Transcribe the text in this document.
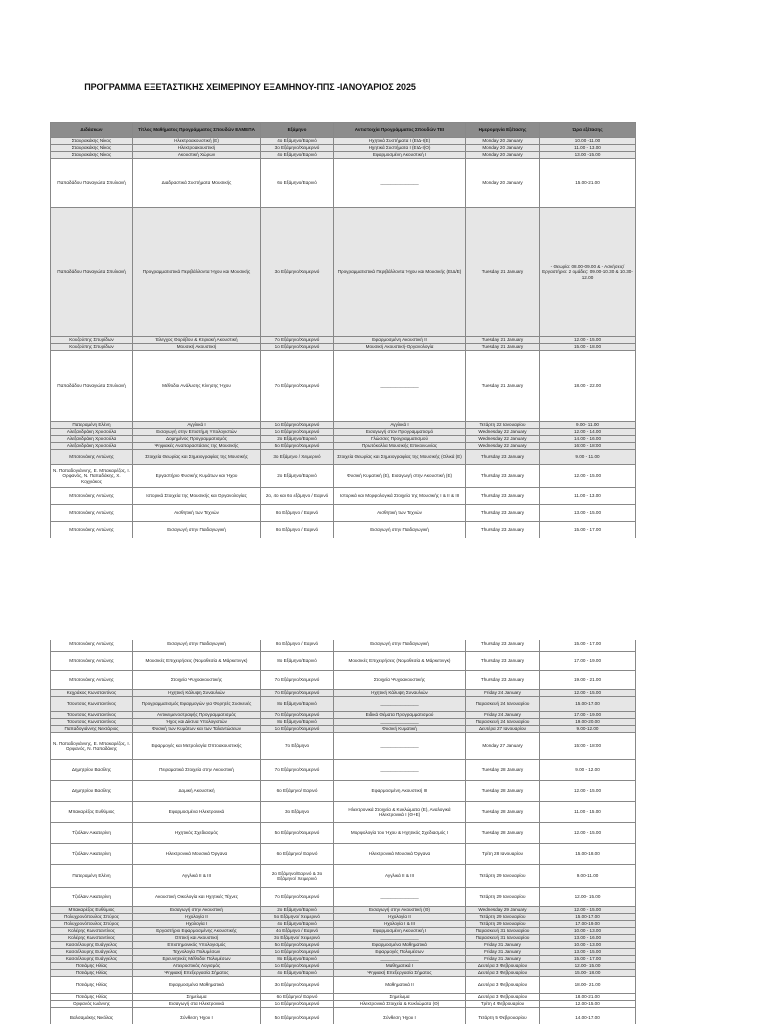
ΠΡΟΓΡΑΜΜΑ ΕΞΕΤΑΣΤΙΚΗΣ ΧΕΙΜΕΡΙΝΟΥ ΕΞΑΜΗΝΟΥ-ΠΠΣ -ΙΑΝΟΥΑΡΙΟΣ 2025
Διδάσκων	Τίτλος Μαθήματος Προγράμματος Σπουδών ΕΛΜΕΠΑ	Εξάμηνο	Αντιστοιχία Προγράμματος Σπουδών ΤΕΙ	Ημερομηνία Εξέτασης	Ώρα εξέτασης
Σταυρακάκης Νίκος	Ηλεκτροακουστική (Ε)	4ο Εξάμηνο/Εαρινό	Ηχητικά Συστήματα I (ΕΙΔ-Ι(Ε)	Monday 20 January	10.00 -11.00
Σταυρακάκης Νίκος	Ηλεκτροακουστική	3ο Εξάμηνο/Χειμερινό	Ηχητικά Συστήματα I (ΕΙΔ-Ι(Ο)	Monday 20 January	11.00 - 13.00
Σταυρακάκης Νίκος	Ακουστική Χώρων	4ο Εξάμηνο/Εαρινό	Εφαρμοσμένη Ακουστική I	Monday 20 January	13.00 -15.00
Παπαδάδου Παναγιώτα Σπυλιανή	Διαδραστικά Συστήματα Μουσικής	6ο Εξάμηνο/Εαρινό	_______________	Monday 20 January	15.00-21.00
Παπαδάδου Παναγιώτα Σπυλιανή	Προγραμματιστικά Περιβάλλοντα Ήχου και Μουσικής	3ο Εξάμηνο/Χειμερινό	Προγραμματιστικά Περιβάλλοντα Ήχου και Μουσικής (ΕΙΔ/Ε)	Tuesday 21 January	- Θεωρία: 08.00-09.00 & - Ασκήσεις/Εργαστήριο: 2 ομάδες: 09.00-10.30 & 10.30-12.00
Κουζούπης Σπυρίδων	Έλεγχος Θορύβου & Κτιριακή Ακουστική	7ο Εξάμηνο/Χειμερινό	Εφαρμοσμένη Ακουστική II	Tuesday 21 January	12.00 - 15.00
Κουζούπης Σπυρίδων	Μουσική Ακουστική	1ο Εξάμηνο/Χειμερινό	Μουσική Ακουστική-Οργανολογία	Tuesday 21 January	15.00 - 18.00
Παπαδάδου Παναγιώτα Σπυλιανή	Μέθοδοι Ανάλυσης Κίνησης Ήχου	7ο Εξάμηνο/Χειμερινό	_______________	Tuesday 21 January	18.00 - 22.00
Πατεραμένη Ελένη	Αγγλικά I	1ο Εξάμηνο/Χειμερινό	Αγγλικά I	Τετάρτη 22 Ιανουαρίου	9.00- 11.00
Αλεξανδράκη Χρυσούλα	Εισαγωγή στην Επιστήμη Υπολογιστών	1ο Εξάμηνο/Χειμερινό	Εισαγωγή στον Προγραμματισμό	Wednesday 22 January	12.00 - 14.00
Αλεξανδράκη Χρυσούλα	Δομημένος Προγραμματισμός	2ο Εξάμηνο/Εαρινό	Γλώσσες Προγραμματισμού	Wednesday 22 January	14.00 - 16.00
Αλεξανδράκη Χρυσούλα	Ψηφιακές Αναπαραστάσεις της Μουσικής	5ο Εξάμηνο/Χειμερινό	Πρωτόκολλα Μουσικής Επικοινωνίας	Wednesday 22 January	16:00 - 18:00
Μποτονάκης Αντώνης	Στοιχεία Θεωρίας και Σημειογραφίας της Μουσικής	3ο Εξάμηνο / Χειμερινό	Στοιχεία Θεωρίας και Σημειογραφίας της Μουσικής (Ολικά (Ε)	Thursday 23 January	9.00 - 11.00
Ν. Παπαδογιάννης, Ε. Μπακαρέζος, Ι. Ορφανός, Ν. Παπαδάκης, Χ. Κοχγιάκος	Εργαστήριο Φυσικής Κυμάτων και Ήχου	2ο Εξάμηνο/Εαρινό	Φυσική Κυματική (Ε), Εισαγωγή στην Ακουστική (Ε)	Thursday 23 January	12.00 - 15.00
Μποτονάκης Αντώνης	Ιστορικά Στοιχεία της Μουσικής και Οργανολογίας	2ο, 4ο και 6ο εξάμηνο / Εαρινό	Ιστορικά και Μορφολογικά Στοιχεία της Μουσικής I & II & III	Thursday 23 January	11.00 - 13.00
Μποτονάκης Αντώνης	Αισθητική των Τεχνών	8ο Εξάμηνο / Εαρινό	Αισθητική των Τεχνών	Thursday 23 January	13.00 - 15.00
Μποτονάκης Αντώνης	Εισαγωγή στην Παιδαγωγική	8ο Εξάμηνο / Εαρινό	Εισαγωγή στην Παιδαγωγική	Thursday 23 January	15.00 - 17.00
Μποτονάκης Αντώνης	Εισαγωγή στην Παιδαγωγική	8ο Εξάμηνο / Εαρινό	Εισαγωγή στην Παιδαγωγική	Thursday 23 January	15.00 - 17.00
Μποτονάκης Αντώνης	Μουσικές Επιχειρήσεις (Νομοθεσία & Μάρκετινγκ)	8ο Εξάμηνο/Εαρινό	Μουσικές Επιχειρήσεις (Νομοθεσία & Μάρκετινγκ)	Thursday 23 January	17.00 - 19.00
Μποτονάκης Αντώνης	Στοιχεία Ψυχοακουστικής	7ο Εξάμηνο/Χειμερινό	Στοιχεία Ψυχοακουστικής	Thursday 23 January	19.00 - 21.00
Κεχράκος Κωνσταντίνος	Ηχητική Κάλυψη Συναυλιών	7ο Εξάμηνο/Χειμερινό	Ηχητική Κάλυψη Συναυλιών	Friday 24 January	12.00 - 15.00
Τσουτσος Κωνσταντίνος	Προγραμματισμός Εφαρμογών για Φορητές Συσκευές	8ο Εξάμηνο/Εαρινό	_______________	Παρασκευή 24 Ιανουαρίου	15.00-17.00
Τσουτσος Κωνσταντίνος	Αντικειμενοστραφής Προγραμματισμός	7ο Εξάμηνο/Χειμερινό	Ειδικά Θέματα Προγραμματισμού	Friday 24 January	17.00 - 19.00
Τσουτσος Κωνσταντίνος	Ήχος και Δίκτυα Υπολογιστών	8ο Εξάμηνο/Εαρινό	_______________	Παρασκευή 24 Ιανουαρίου	19.00-20.00
Παπαδογιάννης Νεκτάριος	Φυσική των Κυμάτων και των Ταλαντώσεων	1ο Εξάμηνο/Χειμερινό	Φυσική Κυματική	Δευτέρα 27 Ιανουαρίου	9.00-12.00
Ν. Παπαδογιάννης, Ε. Μπακαρέζος, Ι. Ορφανός, Ν. Παπαδάκης	Εφαρμογές και Μετρολογία Οπτοακουστικής	7ο Εξάμηνο	_______________	Monday 27 January	15:00 - 18:00
Δημητρίου Βασίλης	Πειραματικά Στοιχεία στην Ακουστική	7ο Εξάμηνο/Χειμερινό	_______________	Tuesday 28 January	9.00 - 12.00
Δημητρίου Βασίλης	Δομική Ακουστική	6ο Εξάμηνο/ Εαρινό	Εφαρμοσμένη Ακουστική III	Tuesday 28 January	12.00 - 15.00
Μπακαρέζος Ευθύμιος	Εφαρμοσμένα Ηλεκτρονικά	3ο Εξάμηνο	Ηλεκτρονικά Στοιχεία & Κυκλώματα (Ε), Αναλογικά Ηλεκτρονικά I (Θ+Ε)	Tuesday 28 January	11.00 - 15.00
Τζιόλαιν Αικατερίνη	Ηχητικός Σχεδιασμός	5ο Εξάμηνο/Χειμερινό	Μορφολογία του Ήχου & Ηχητικός Σχεδιασμός I	Tuesday 28 January	12.00 - 15.00
Τζιόλαιν Αικατερίνη	Ηλεκτρονικά Μουσικά Όργανα	6ο Εξάμηνο/ Εαρινό	Ηλεκτρονικά Μουσικά Όργανα	Τρίτη 28 Ιανουαρίου	15.00-18.00
Πατεραμένη Ελένη	Αγγλικά II & III	2ο Εξάμηνο/Εαρινό & 3ο Εξάμηνο/ Χειμερινό	Αγγλικά II & III	Τετάρτη 29 Ιανουαρίου	9.00-11.00
Τζιόλαιν Αικατερίνη	Ακουστική Οικολογία και Ηχητικές Τέχνες	7ο Εξάμηνο/Χειμερινό	_______________	Τετάρτη 29 Ιανουαρίου	12.00- 15.00
Μπακαρέζος Ευθύμιος	Εισαγωγή στην Ακουστική	2ο Εξάμηνο/Εαρινό	Εισαγωγή στην Ακουστική (Θ)	Wednesday 29 January	12.00 - 15.00
Πολυχρονόπουλος Σπύρος	Ηχολογία II	5ο Εξάμηνο/ Χειμερινό	Ηχολογία II	Τετάρτη 29 Ιανουαρίου	15.00-17.00
Πολυχρονόπουλος Σπύρος	Ηχολογία I	4ο Εξάμηνο/Εαρινό	Ηχολογία I & III	Τετάρτη 29 Ιανουαρίου	17.00-19.00
Κολέρης Κωνσταντίνος	Εργαστήριο Εφαρμοσμένης Ακουστικής	4ο Εξάμηνο / Εαρινό	Εφαρμοσμένη Ακουστική I	Παρασκευή 31 Ιανουαρίου	10.00 - 13.00
Κολέρης Κωνσταντίνος	Οπτική και Ακουστική	3ο Εξάμηνο/ Χειμερινό	_______________	Παρασκευή 31 Ιανουαρίου	13.00 - 16.00
Κασσέλουρης Ευάγγελος	Επιστημονικός Υπολογισμός	5ο Εξάμηνο/Χειμερινό	Εφαρμοσμένα Μαθηματικά	Friday 31 January	10.00 - 13.00
Κασσέλουρης Ευάγγελος	Τεχνολογία Πολυμέσων	1ο Εξάμηνο/Χειμερινό	Εφαρμογές Πολυμέσων	Friday 31 January	13.00 - 15.00
Κασσέλουρης Ευάγγελος	Ερευνητικές Μέθοδοι Πολυμέσων	8ο Εξάμηνο/Εαρινό	_______________	Friday 31 January	15.00 - 17.00
Ποτιάμης Ηλίας	Απειροστικός Λογισμός	1ο Εξάμηνο/Χειμερινό	Μαθηματικά I	Δευτέρα 3 Φεβρουαρίου	12.00- 15.00
Ποτιάμης Ηλίας	Ψηφιακή Επεξεργασία Σήματος	4ο Εξάμηνο/Εαρινό	Ψηφιακή Επεξεργασία Σήματος	Δευτέρα 3 Φεβρουαρίου	15.00- 18.00
Ποτιάμης Ηλίας	Εφαρμοσμένα Μαθηματικά	3ο Εξάμηνο/Χειμερινό	Μαθηματικά II	Δευτέρα 3 Φεβρουαρίου	18.00- 21.00
Ποτιάμης Ηλίας	Σημείωμα	6ο Εξάμηνο/ Εαρινό	Σημείωμα	Δευτέρα 3 Φεβρουαρίου	18.00-21.00
Ορφανός Ιωάννης	Εισαγωγή στα Ηλεκτρονικά	1ο Εξάμηνο/Χειμερινό	Ηλεκτρονικά Στοιχεία & Κυκλώματα (Θ)	Τρίτη 4 Φεβρουαρίου	12.00-15.00
Βαλσαμάκης Νικόλας	Σύνθεση Ήχου I	5ο Εξάμηνο/Χειμερινό	Σύνθεση Ήχου I	Τετάρτη 5 Φεβρουαρίου	14.00-17.00
